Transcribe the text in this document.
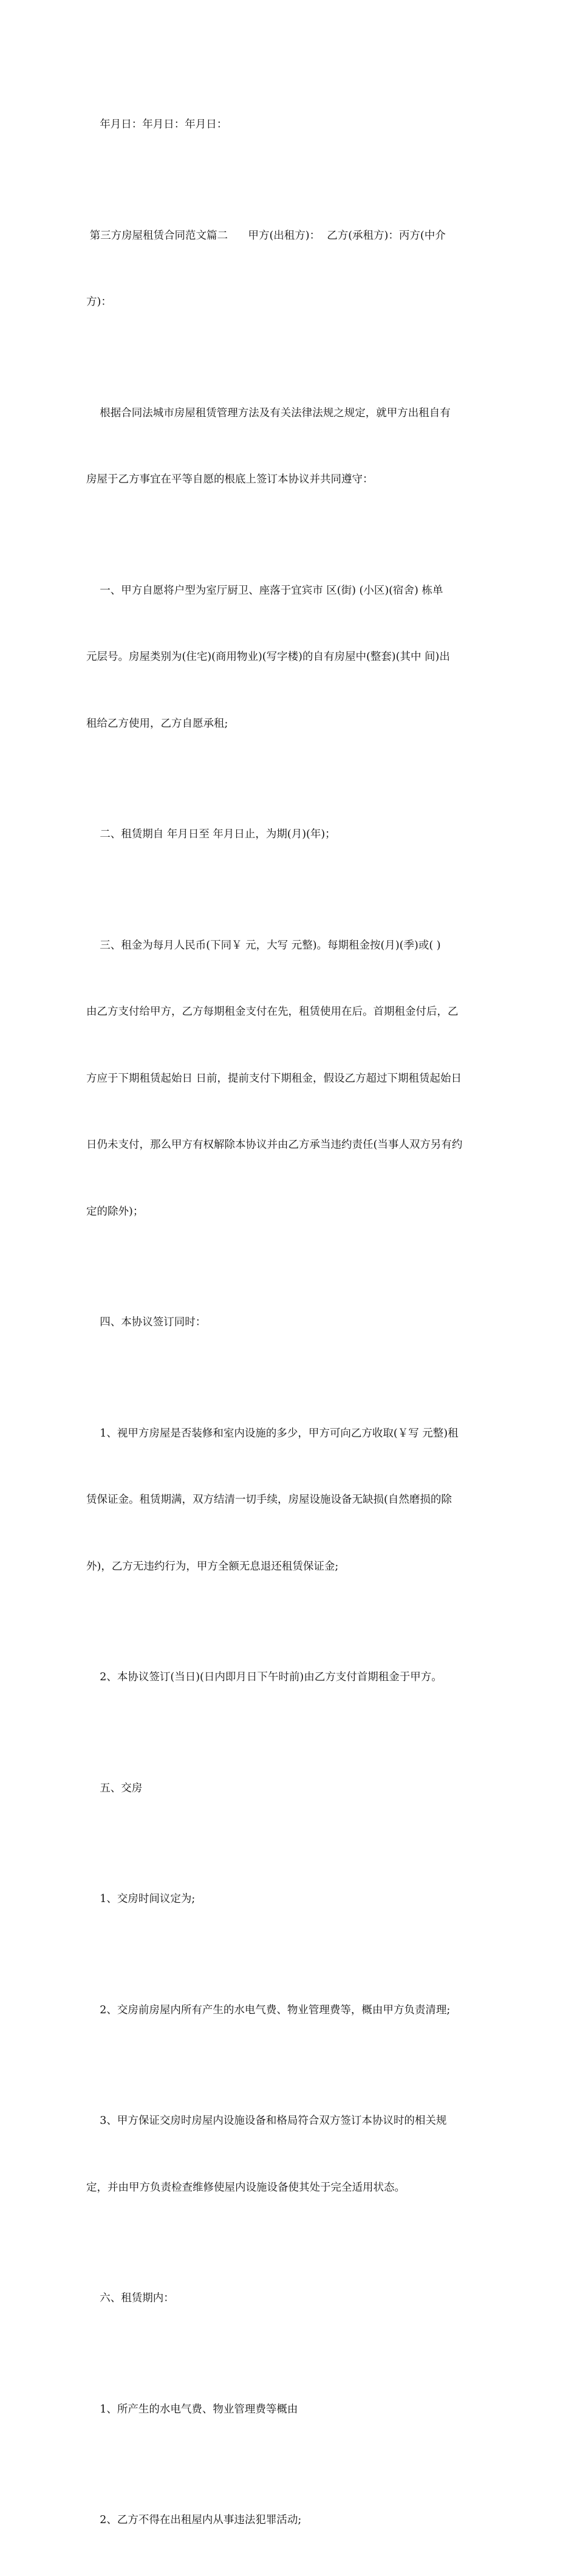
年月日：年月日：年月日：

第三方房屋租赁合同范文篇二      甲方(出租方)：  乙方(承租方)：丙方(中介

方)：

根据合同法城市房屋租赁管理方法及有关法律法规之规定，就甲方出租自有

房屋于乙方事宜在平等自愿的根底上签订本协议并共同遵守：

一、甲方自愿将户型为室厅厨卫、座落于宜宾市 区(街) (小区)(宿舍) 栋单

元层号。房屋类别为(住宅)(商用物业)(写字楼)的自有房屋中(整套)(其中 间)出

租给乙方使用，乙方自愿承租;

二、租赁期自 年月日至 年月日止，为期(月)(年)；

三、租金为每月人民币(下同￥ 元，大写 元整)。每期租金按(月)(季)或( )

由乙方支付给甲方，乙方每期租金支付在先，租赁使用在后。首期租金付后，乙

方应于下期租赁起始日 日前，提前支付下期租金，假设乙方超过下期租赁起始日

日仍未支付，那么甲方有权解除本协议并由乙方承当违约责任(当事人双方另有约

定的除外)；

四、本协议签订同时：

1、视甲方房屋是否装修和室内设施的多少，甲方可向乙方收取(￥写 元整)租

赁保证金。租赁期满，双方结清一切手续，房屋设施设备无缺损(自然磨损的除

外)，乙方无违约行为，甲方全额无息退还租赁保证金;

2、本协议签订(当日)(日内即月日下午时前)由乙方支付首期租金于甲方。

五、交房

1、交房时间议定为;

2、交房前房屋内所有产生的水电气费、物业管理费等，概由甲方负责清理;

3、甲方保证交房时房屋内设施设备和格局符合双方签订本协议时的相关规

定，并由甲方负责检查维修使屋内设施设备使其处于完全适用状态。

六、租赁期内：

1、所产生的水电气费、物业管理费等概由

2、乙方不得在出租屋内从事违法犯罪活动;
